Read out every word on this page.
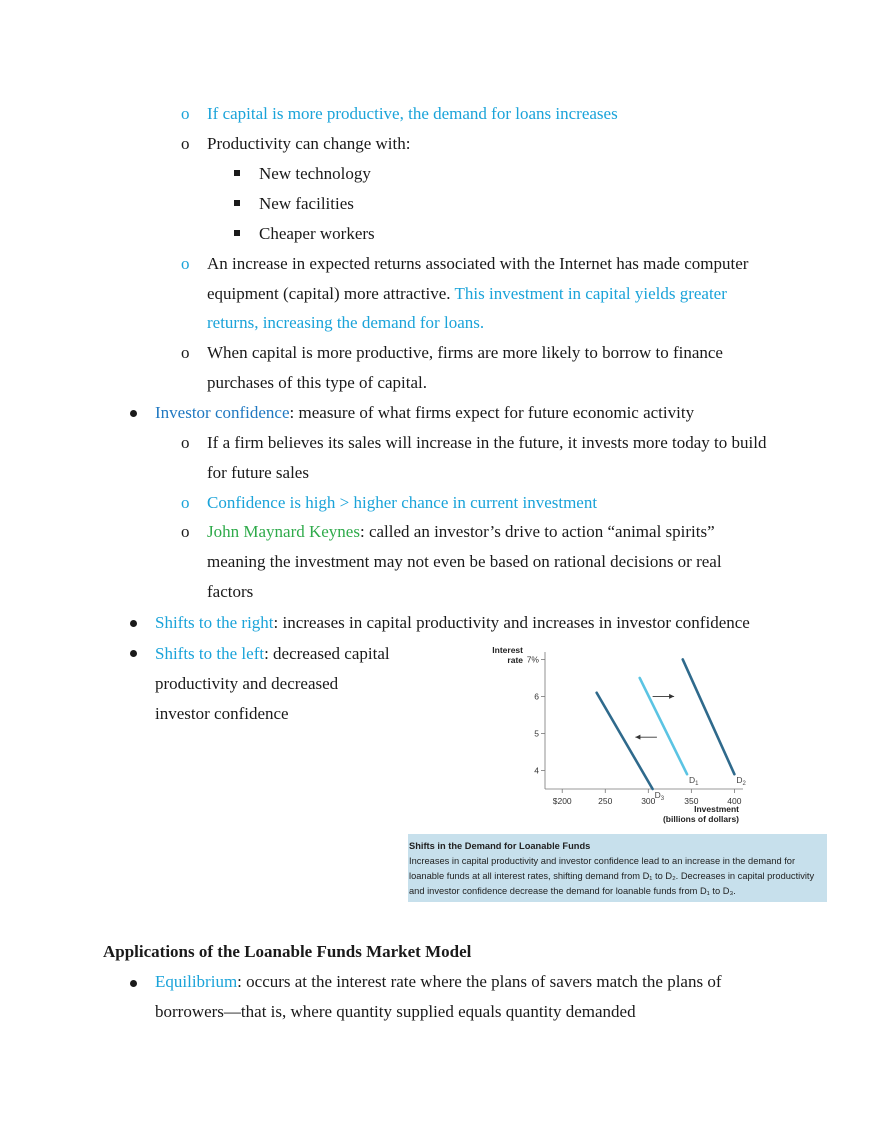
o If capital is more productive, the demand for loans increases
o Productivity can change with:
New technology
New facilities
Cheaper workers
o An increase in expected returns associated with the Internet has made computer
equipment (capital) more attractive. This investment in capital yields greater
returns, increasing the demand for loans.
o When capital is more productive, firms are more likely to borrow to finance
purchases of this type of capital.
Investor confidence: measure of what firms expect for future economic activity
o If a firm believes its sales will increase in the future, it invests more today to build
for future sales
o Confidence is high > higher chance in current investment
o John Maynard Keynes: called an investor’s drive to action “animal spirits”
meaning the investment may not even be based on rational decisions or real
factors
Shifts to the right: increases in capital productivity and increases in investor confidence
Shifts to the left: decreased capital
productivity and decreased
investor confidence
Interest
rate
Investment
(billions of dollars)
$200	250	300	350	400
7%
6
5
4
$D_2$
$D_1$
$D_3$
Shifts in the Demand for Loanable Funds
Increases in capital productivity and investor confidence lead to an increase in the demand for loanable funds at all interest rates, shifting demand from D₁ to D₂. Decreases in capital productivity and investor confidence decrease the demand for loanable funds from D₁ to D₃.
Applications of the Loanable Funds Market Model
Equilibrium: occurs at the interest rate where the plans of savers match the plans of
borrowers—that is, where quantity supplied equals quantity demanded
